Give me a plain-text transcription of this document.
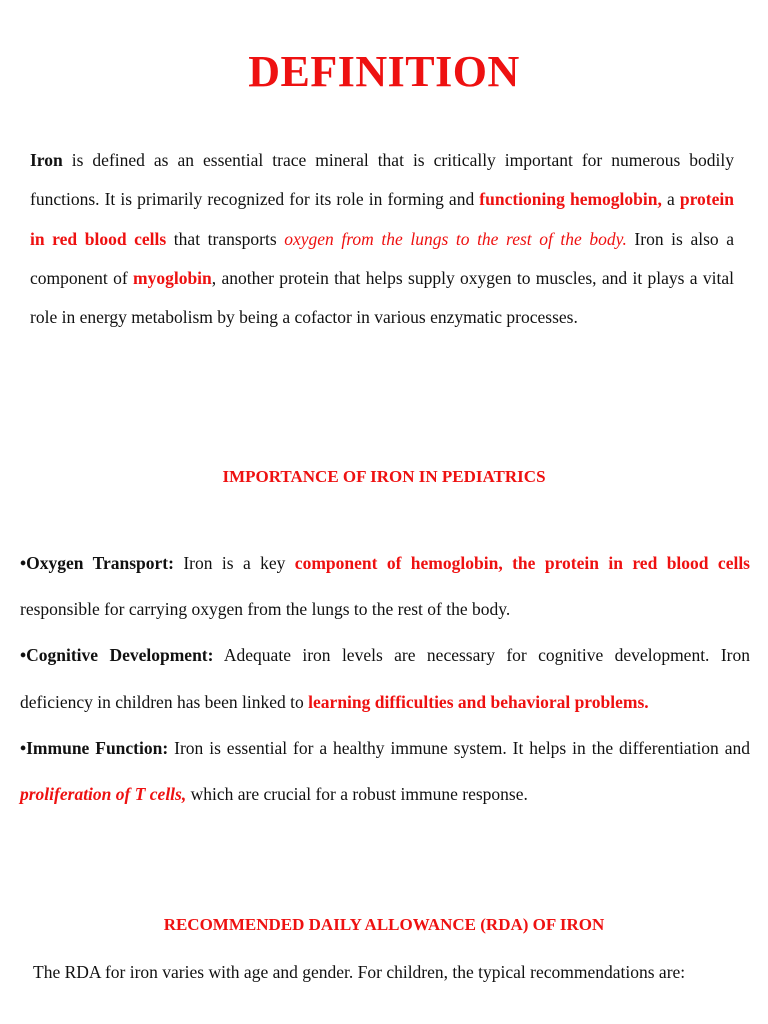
DEFINITION

Iron is defined as an essential trace mineral that is critically important for numerous bodily functions. It is primarily recognized for its role in forming and functioning hemoglobin, a protein in red blood cells that transports oxygen from the lungs to the rest of the body. Iron is also a component of myoglobin, another protein that helps supply oxygen to muscles, and it plays a vital role in energy metabolism by being a cofactor in various enzymatic processes.

IMPORTANCE OF IRON IN PEDIATRICS

•Oxygen Transport: Iron is a key component of hemoglobin, the protein in red blood cells responsible for carrying oxygen from the lungs to the rest of the body.

•Cognitive Development: Adequate iron levels are necessary for cognitive development. Iron deficiency in children has been linked to learning difficulties and behavioral problems.

•Immune Function: Iron is essential for a healthy immune system. It helps in the differentiation and proliferation of T cells, which are crucial for a robust immune response.

RECOMMENDED DAILY ALLOWANCE (RDA) OF IRON

The RDA for iron varies with age and gender. For children, the typical recommendations are:
